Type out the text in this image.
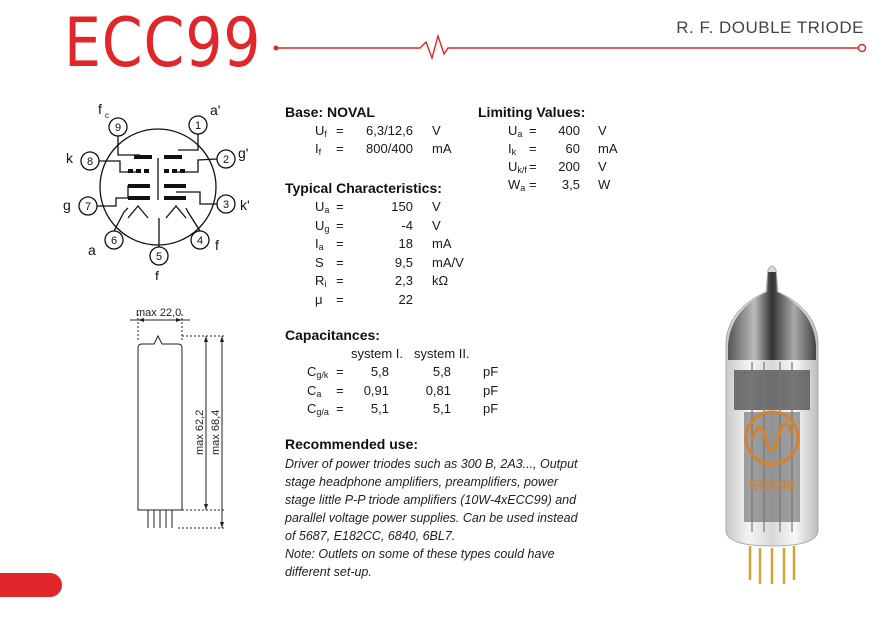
ECC99	R. F. DOUBLE TRIODE
1
2
3
4
5
6
7
8
9
a'
g'
k'
f
f
a
g
k
f c
max 22,0
max 62,2 max 68,4
Base: NOVAL
$U_f = 6,3/12,6$ V
$I_f = 800/400$ mA
Limiting Values:
$U_a$ =	400 V
$I_k$ =	60 mA
$U_{k/f}$ =	200 V
$W_a$ =	3,5 W
Typical Characteristics:
$U_a$ =	150 V
$U_g$ =	-4 V
$I_a$ =	18 mA
S =	9,5 mA/V
$R_i$ =	2,3 kΩ
μ =	22
Capacitances:
system I. system II.
$C_{g/k}$ =	5,8	5,8 pF
$C_a$ =	0,91	0,81 pF
$C_{g/a}$ =	5,1	5,1 pF
Recommended use:
Driver of power triodes such as 300 B, 2A3..., Output
stage headphone amplifiers, preamplifiers, power
stage little P-P triode amplifiers (10W-4xECC99) and
parallel voltage power supplies. Can be used instead
of 5687, E182CC, 6840, 6BL7.
Note: Outlets on some of these types could have
different set-up.
ECC99
